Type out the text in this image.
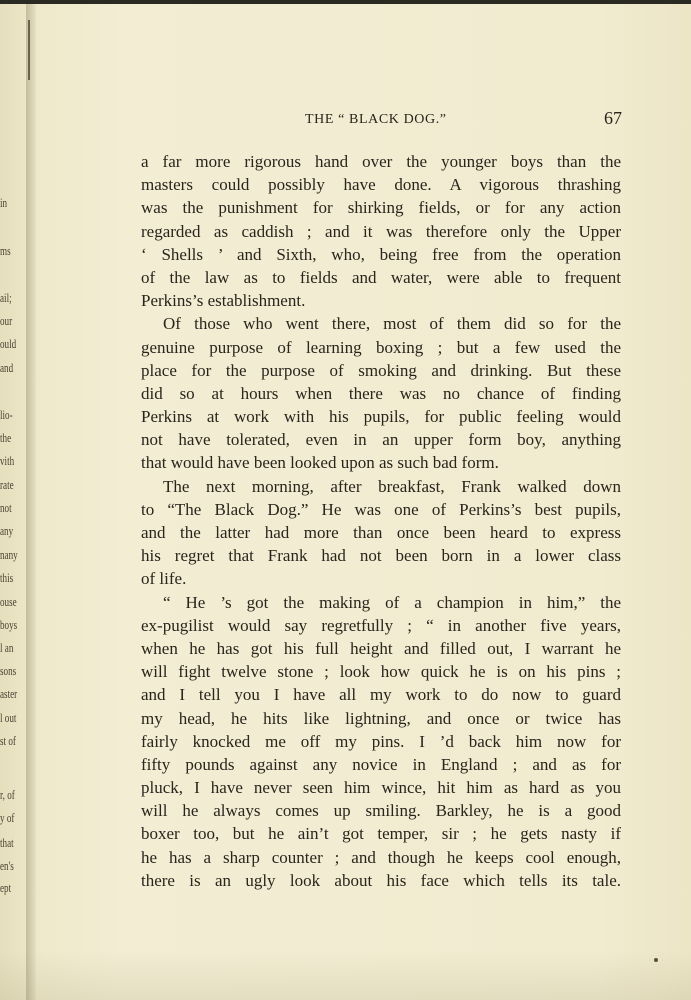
in
ms
ail;
our
ould
and
lio-
the
vith
rate
not
any
nany
this
ouse
boys
l an
sons
aster
l out
st of
r, of
y of
that
en's
ept
THE “ BLACK DOG.”	67
a far more rigorous hand over the younger boys than the
masters could possibly have done. A vigorous thrashing
was the punishment for shirking fields, or for any action
regarded as caddish ; and it was therefore only the Upper
‘ Shells ’ and Sixth, who, being free from the operation
of the law as to fields and water, were able to frequent
Perkins’s establishment.
Of those who went there, most of them did so for the
genuine purpose of learning boxing ; but a few used the
place for the purpose of smoking and drinking. But these
did so at hours when there was no chance of finding
Perkins at work with his pupils, for public feeling would
not have tolerated, even in an upper form boy, anything
that would have been looked upon as such bad form.
The next morning, after breakfast, Frank walked down
to “The Black Dog.” He was one of Perkins’s best pupils,
and the latter had more than once been heard to express
his regret that Frank had not been born in a lower class
of life.
“ He ’s got the making of a champion in him,” the
ex-pugilist would say regretfully ; “ in another five years,
when he has got his full height and filled out, I warrant he
will fight twelve stone ; look how quick he is on his pins ;
and I tell you I have all my work to do now to guard
my head, he hits like lightning, and once or twice has
fairly knocked me off my pins. I ’d back him now for
fifty pounds against any novice in England ; and as for
pluck, I have never seen him wince, hit him as hard as you
will he always comes up smiling. Barkley, he is a good
boxer too, but he ain’t got temper, sir ; he gets nasty if
he has a sharp counter ; and though he keeps cool enough,
there is an ugly look about his face which tells its tale.
